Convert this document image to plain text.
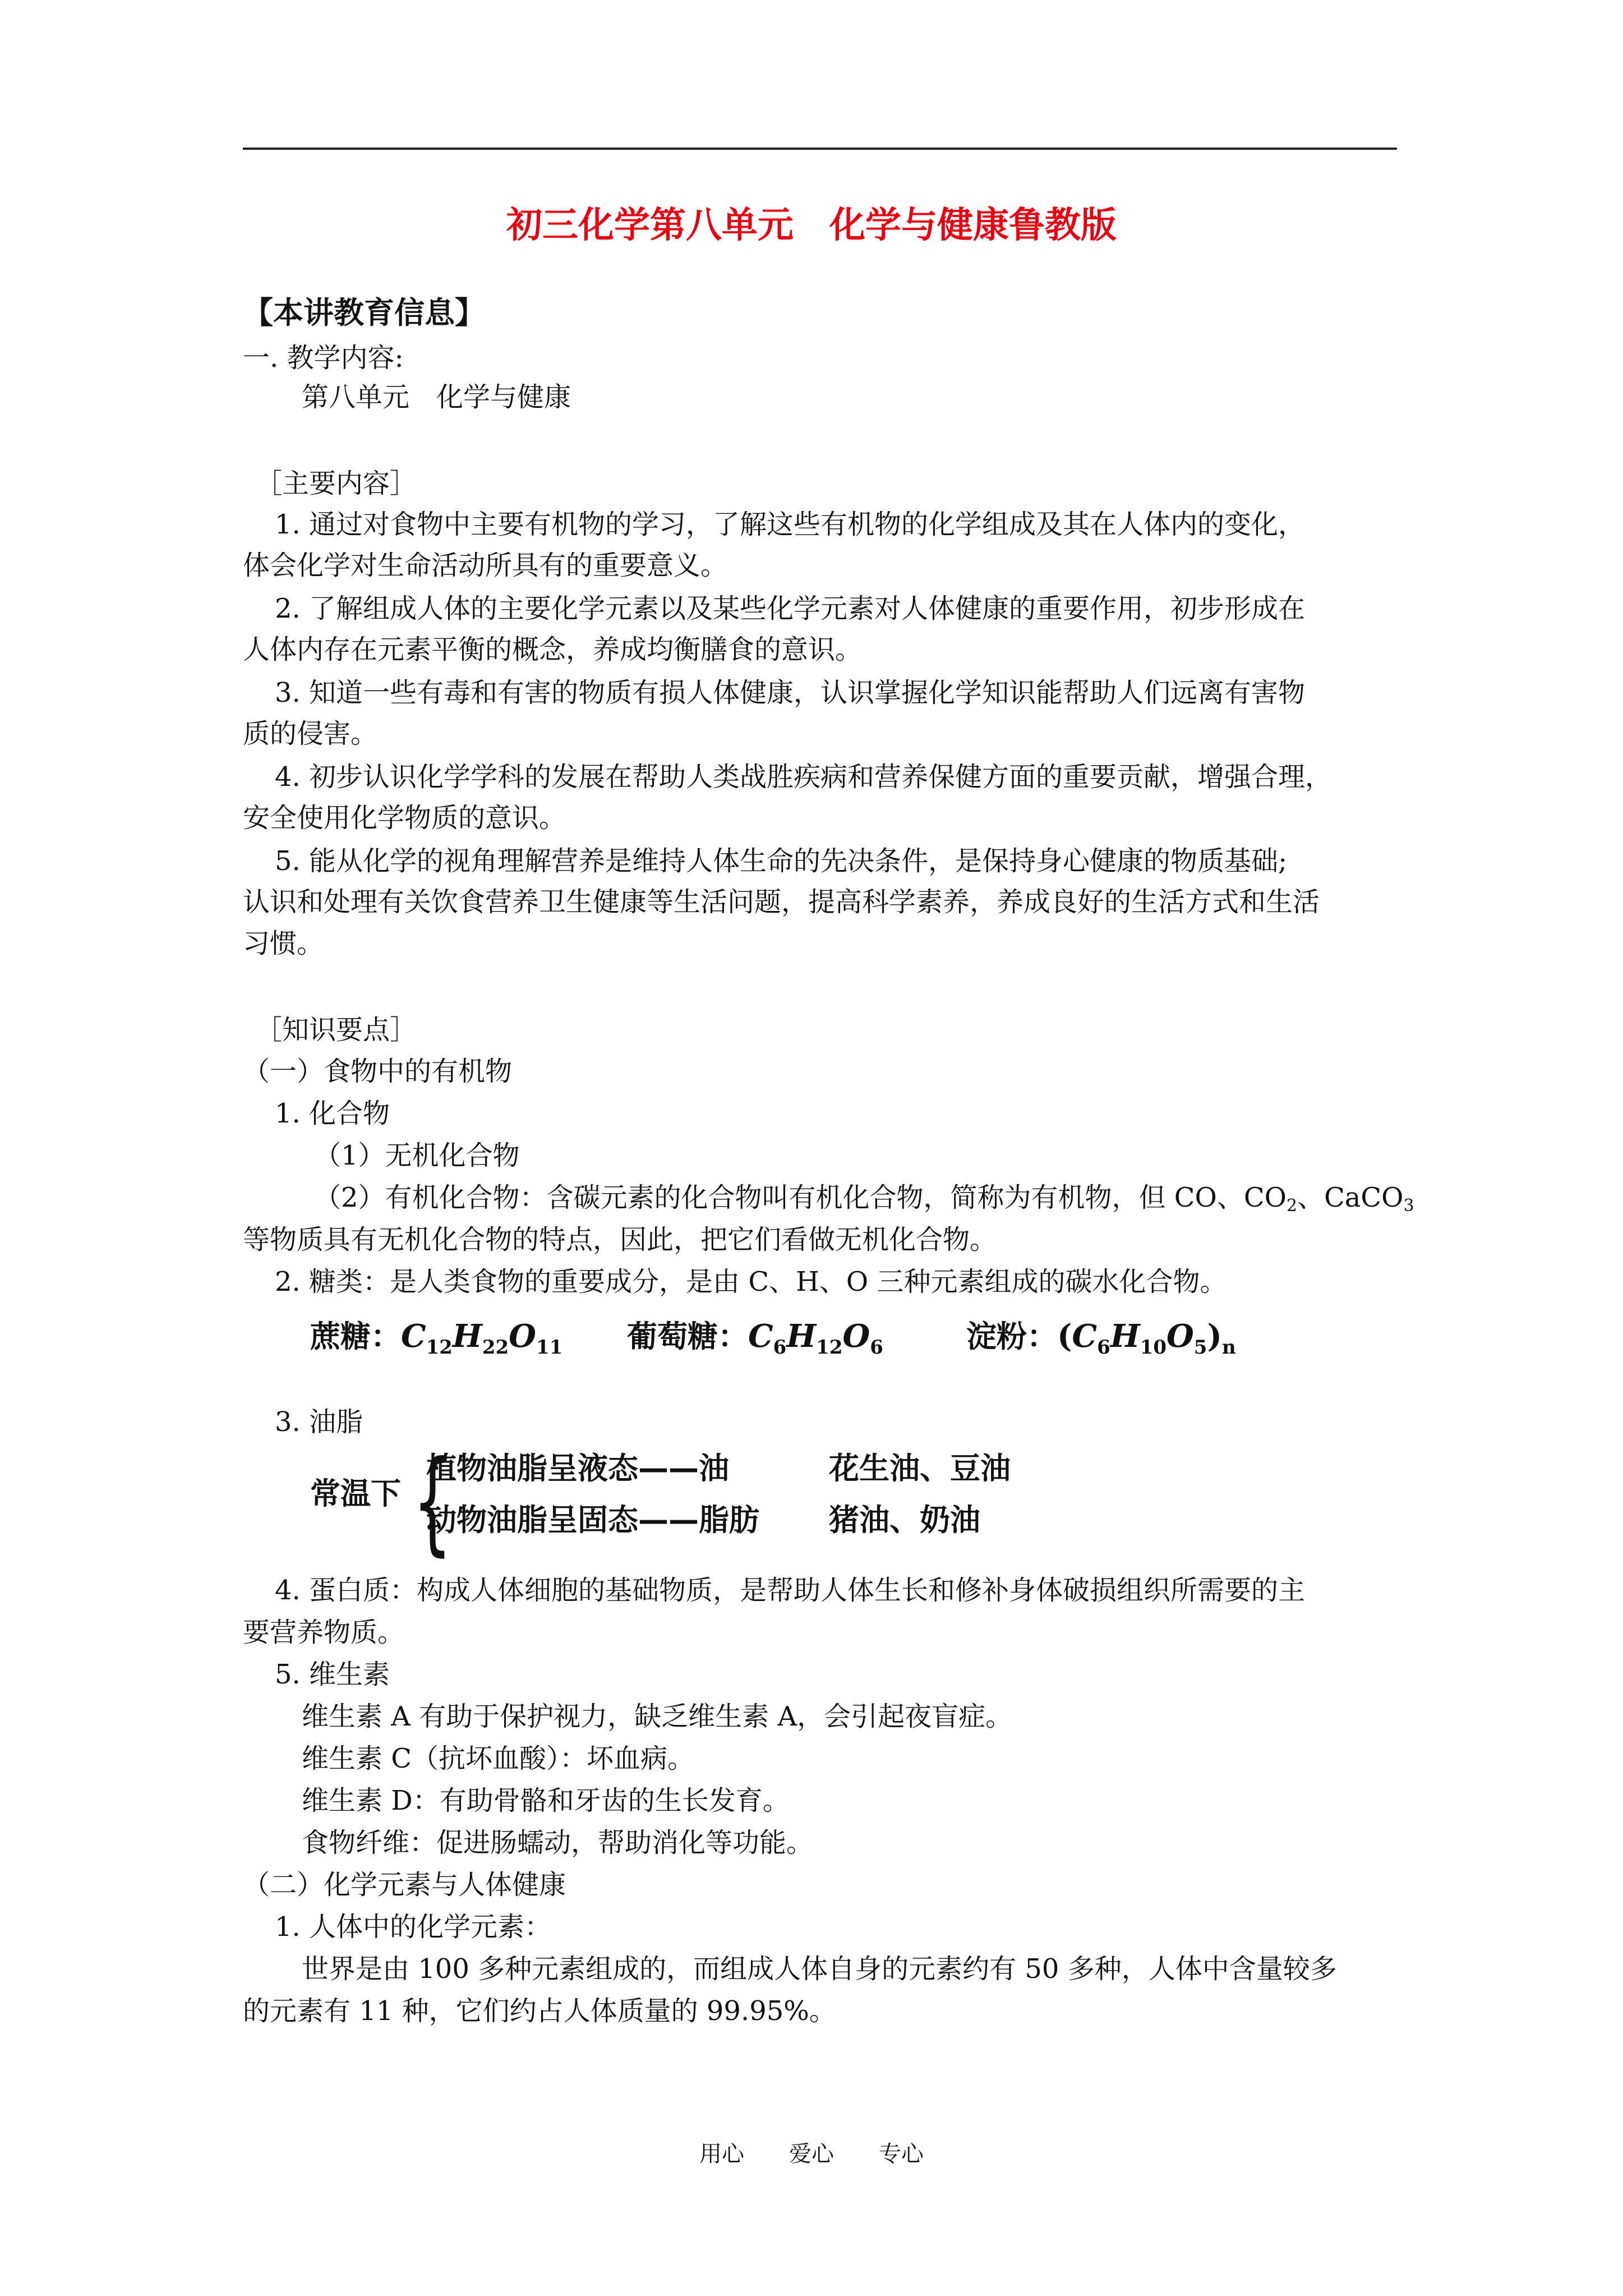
初三化学第八单元　化学与健康鲁教版
【本讲教育信息】
一. 教学内容:
第八单元　化学与健康
［主要内容］
1. 通过对食物中主要有机物的学习，了解这些有机物的化学组成及其在人体内的变化，
体会化学对生命活动所具有的重要意义。
2. 了解组成人体的主要化学元素以及某些化学元素对人体健康的重要作用，初步形成在
人体内存在元素平衡的概念，养成均衡膳食的意识。
3. 知道一些有毒和有害的物质有损人体健康，认识掌握化学知识能帮助人们远离有害物
质的侵害。
4. 初步认识化学学科的发展在帮助人类战胜疾病和营养保健方面的重要贡献，增强合理，
安全使用化学物质的意识。
5. 能从化学的视角理解营养是维持人体生命的先决条件，是保持身心健康的物质基础;
认识和处理有关饮食营养卫生健康等生活问题，提高科学素养，养成良好的生活方式和生活
习惯。
［知识要点］
（一）食物中的有机物
1. 化合物
（1）无机化合物
（2）有机化合物：含碳元素的化合物叫有机化合物，简称为有机物，但 CO、$CO_2$、CaCO$_3$
等物质具有无机化合物的特点，因此，把它们看做无机化合物。
2. 糖类：是人类食物的重要成分，是由 C、H、O 三种元素组成的碳水化合物。
蔗糖：$C_{12}H_{22}O_{11}$ 葡萄糖：$C_6H_{12}O_6$	淀粉：$(C_6H_{10}O_5)_n$
3. 油脂
常温下 {
植物油脂呈液态——油	花生油、豆油
动物油脂呈固态——脂肪 猪油、奶油
4. 蛋白质：构成人体细胞的基础物质，是帮助人体生长和修补身体破损组织所需要的主
要营养物质。
5. 维生素
维生素 A 有助于保护视力，缺乏维生素 A，会引起夜盲症。
维生素 C（抗坏血酸）：坏血病。
维生素 D：有助骨骼和牙齿的生长发育。
食物纤维：促进肠蠕动，帮助消化等功能。
（二）化学元素与人体健康
1. 人体中的化学元素：
世界是由 100 多种元素组成的，而组成人体自身的元素约有 50 多种，人体中含量较多
的元素有 11 种，它们约占人体质量的 99.95%。
用心　　爱心　　专心
